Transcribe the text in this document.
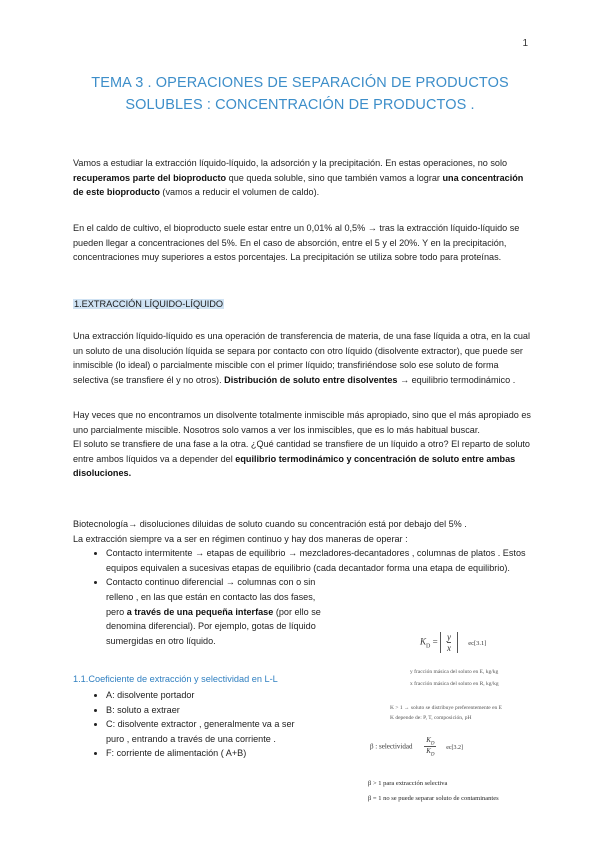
1
TEMA 3 . OPERACIONES DE SEPARACIÓN DE PRODUCTOS
SOLUBLES : CONCENTRACIÓN DE PRODUCTOS .
Vamos a estudiar la extracción líquido-líquido, la adsorción y la precipitación. En estas operaciones, no solo recuperamos parte del bioproducto que queda soluble, sino que también vamos a lograr una concentración de este bioproducto (vamos a reducir el volumen de caldo).
En el caldo de cultivo, el bioproducto suele estar entre un 0,01% al 0,5% → tras la extracción líquido-líquido se pueden llegar a concentraciones del 5%. En el caso de absorción, entre el 5 y el 20%. Y en la precipitación, concentraciones muy superiores a estos porcentajes. La precipitación se utiliza sobre todo para proteínas.
1.EXTRACCIÓN LÍQUIDO-LÍQUIDO
Una extracción líquido-líquido es una operación de transferencia de materia, de una fase líquida a otra, en la cual un soluto de una disolución líquida se separa por contacto con otro líquido (disolvente extractor), que puede ser inmiscible (lo ideal) o parcialmente miscible con el primer líquido; transfiriéndose solo ese soluto de forma selectiva (se transfiere él y no otros). Distribución de soluto entre disolventes → equilibrio termodinámico .
Hay veces que no encontramos un disolvente totalmente inmiscible más apropiado, sino que el más apropiado es uno parcialmente miscible. Nosotros solo vamos a ver los inmiscibles, que es lo más habitual buscar.
El soluto se transfiere de una fase a la otra. ¿Qué cantidad se transfiere de un líquido a otro? El reparto de soluto entre ambos líquidos va a depender del equilibrio termodinámico y concentración de soluto entre ambas disoluciones.
Biotecnología→ disoluciones diluidas de soluto cuando su concentración está por debajo del 5% .
La extracción siempre va a ser en régimen continuo y hay dos maneras de operar :
• Contacto intermitente → etapas de equilibrio → mezcladores-decantadores , columnas de platos . Estos equipos equivalen a sucesivas etapas de equilibrio (cada decantador forma una etapa de equilibrio).
• Contacto continuo diferencial → columnas con o sin relleno , en las que están en contacto las dos fases, pero a través de una pequeña interfase (por ello se denomina diferencial). Por ejemplo, gotas de líquido sumergidas en otro líquido.
1.1.Coeficiente de extracción y selectividad en L-L
• A: disolvente portador
• B: soluto a extraer
• C: disolvente extractor , generalmente va a ser puro , entrando a través de una corriente .
• F: corriente de alimentación ( A+B)
$K_D = \frac{y}{x} ec[3.1]$
y fracción másica del soluto en E, kg/kg
x fracción másica del soluto en R, kg/kg
K > 1 → soluto se distribuye preferentemente en E
K depende de: P, T, composición, pH
β : selectividad $\frac{K_D}{K_D} ec[3.2]$
β > 1 para extracción selectiva
β = 1 no se puede separar soluto de contaminantes
